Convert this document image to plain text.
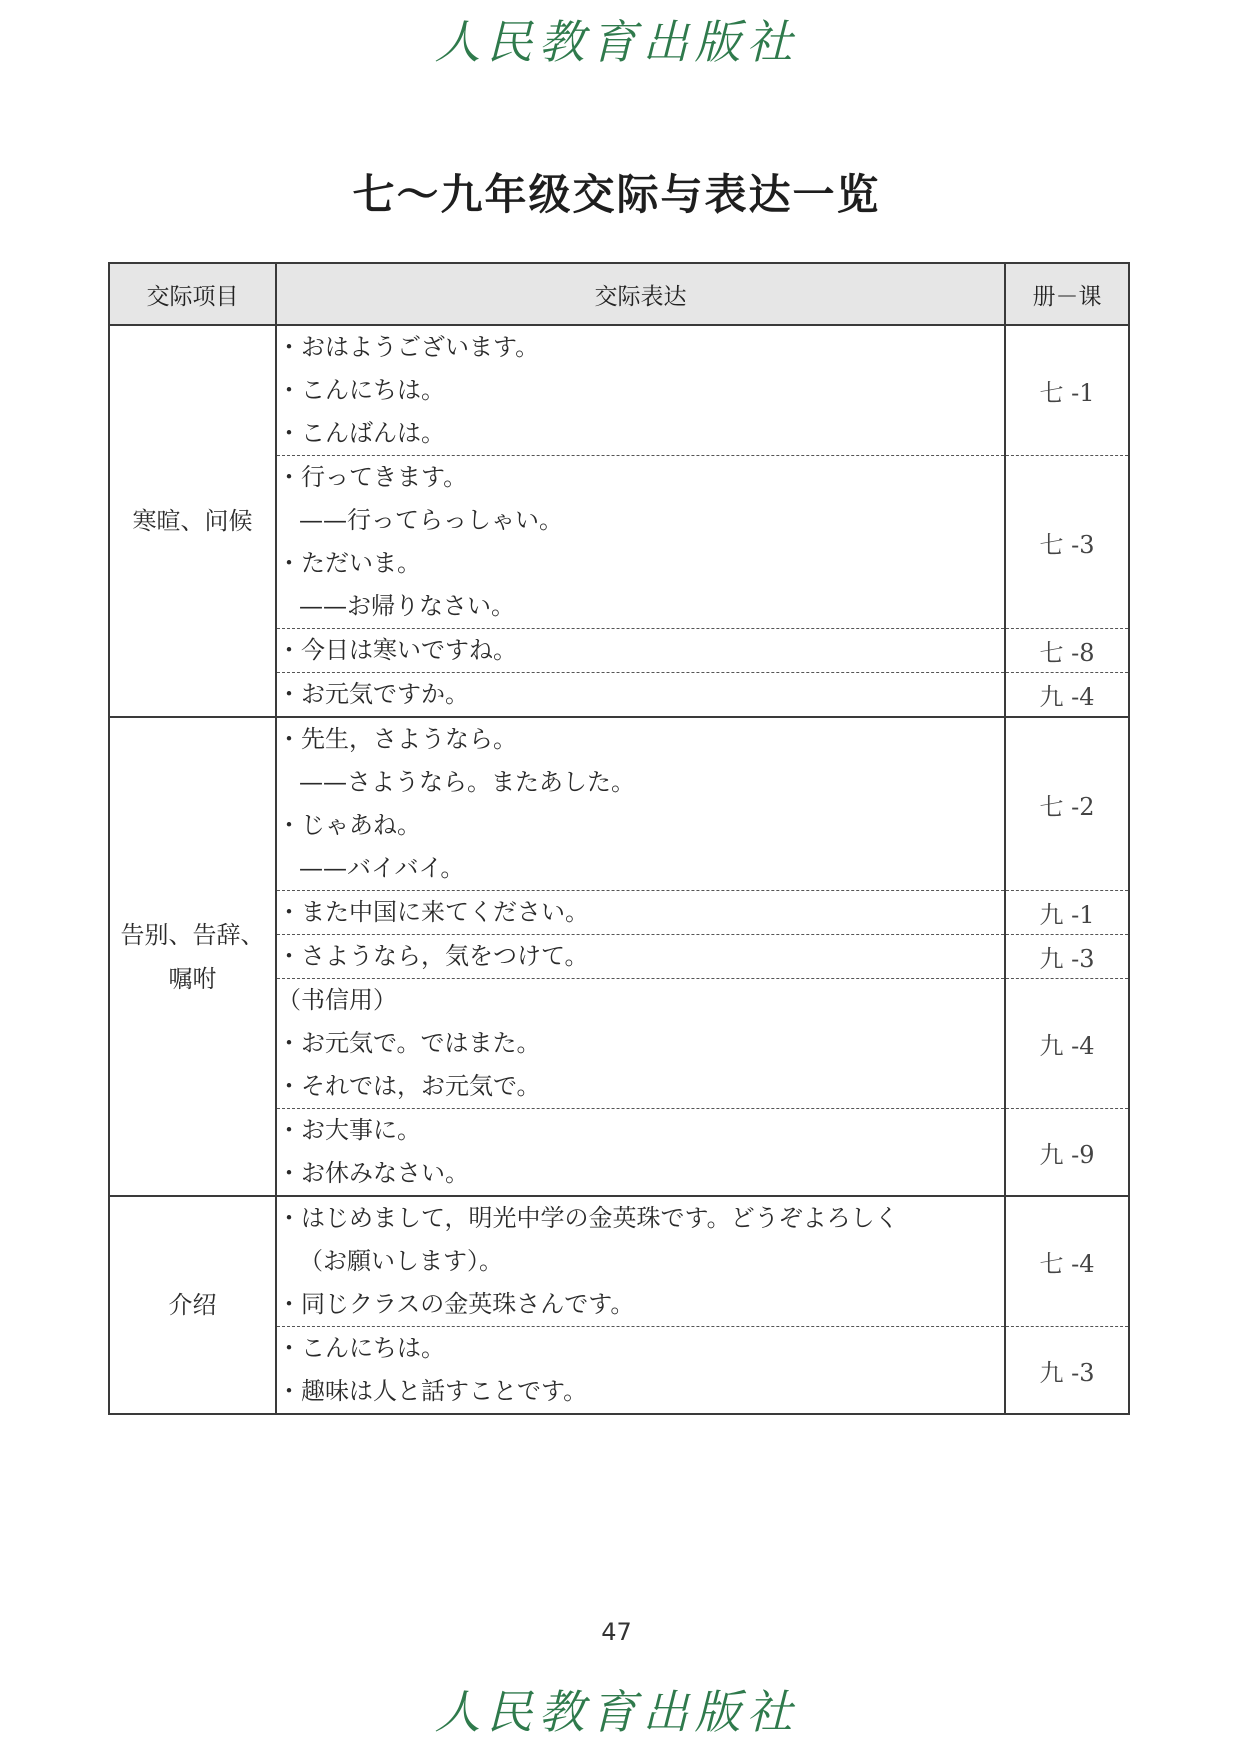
人民教育出版社
七～九年级交际与表达一览
交际项目	交际表达	册－课
寒暄、问候	・おはようございます。
・こんにちは。
・こんばんは。	七 -1

	・行ってきます。
——行ってらっしゃい。
・ただいま。
——お帰りなさい。	七 -3

	・今日は寒いですね。	七 -8

	・お元気ですか。	九 -4

告别、告辞、
嘱咐	・先生，さようなら。
——さようなら。またあした。
・じゃあね。
——バイバイ。	七 -2

	・また中国に来てください。	九 -1

	・さようなら，気をつけて。	九 -3

	（书信用）
・お元気で。ではまた。
・それでは，お元気で。	九 -4

	・お大事に。
・お休みなさい。	九 -9
介绍	・はじめまして，明光中学の金英珠です。どうぞよろしく
（お願いします）。
・同じクラスの金英珠さんです。	七 -4

	・こんにちは。
・趣味は人と話すことです。	九 -3
47
人民教育出版社
